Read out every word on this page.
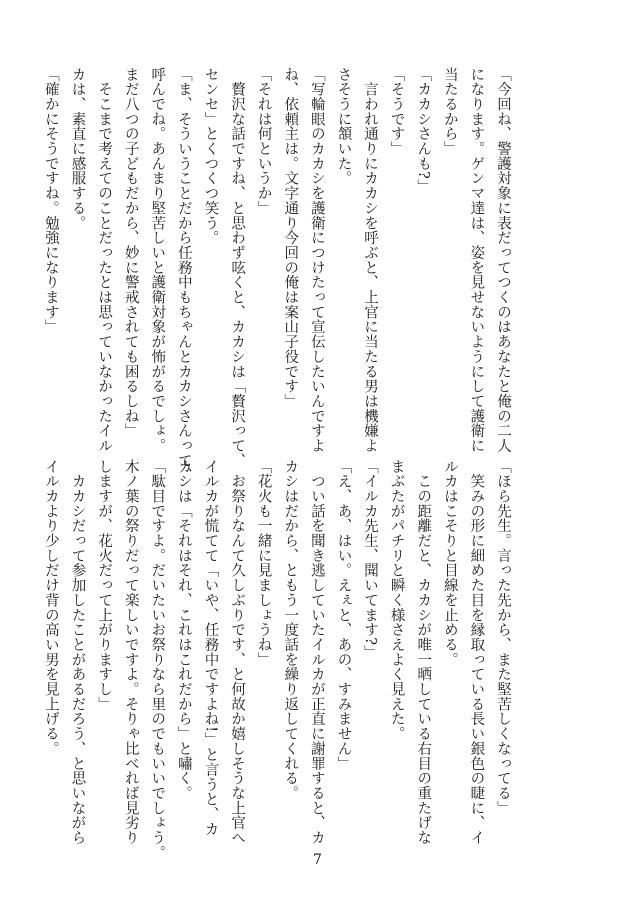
「今回ね、警護対象に表だってつくのはあなたと俺の二人
になります。ゲンマ達は、姿を見せないようにして護衛に
当たるから」
「カカシさんも?」
「そうです」
　言われ通りにカカシを呼ぶと、上官に当たる男は機嫌よ
さそうに頷いた。
「写輪眼のカカシを護衛につけたって宣伝したいんですよ
ね、依頼主は。文字通り今回の俺は案山子役です」
「それは何というか」
　贅沢な話ですね、と思わず呟くと、カカシは「贅沢って、
センセ」とくつくつ笑う。
「ま、そういうことだから任務中もちゃんとカカシさんって、
呼んでね。あんまり堅苦しいと護衛対象が怖がるでしょ。
まだ八つの子どもだから、妙に警戒されても困るしね」
　そこまで考えてのことだったとは思っていなかったイル
カは、素直に感服する。
「確かにそうですね。勉強になります」
「ほら先生。言った先から、また堅苦しくなってる」
　笑みの形に細めた目を縁取っている長い銀色の睫に、イ
ルカはこそりと目線を止める。
　この距離だと、カカシが唯一晒している右目の重たげな
まぶたがパチリと瞬く様さえよく見えた。
「イルカ先生、聞いてます?」
「え、あ、はい。えぇと、あの、すみません」
　つい話を聞き逃していたイルカが正直に謝罪すると、カ
カシはだから、ともう一度話を繰り返してくれる。
「花火も一緒に見ましょうね」
　お祭りなんて久しぶりです、と何故か嬉しそうな上官へ
イルカが慌てて「いや、任務中ですよね!」と言うと、カ
カシは「それはそれ、これはこれだから」と嘯く。
「駄目ですよ。だいたいお祭りなら里のでもいいでしょう。
木ノ葉の祭りだって楽しいですよ。そりゃ比べれば見劣り
しますが、花火だって上がりますし」
　カカシだって参加したことがあるだろう、と思いながら
イルカより少しだけ背の高い男を見上げる。
7
